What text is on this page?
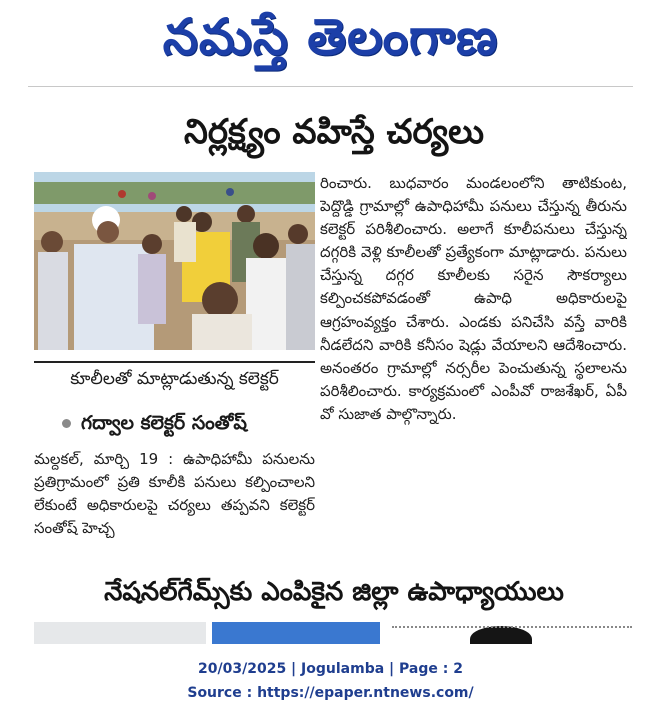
నమస్తే తెలంగాణ
నిర్లక్ష్యం వహిస్తే చర్యలు
కూలీలతో మాట్లాడుతున్న కలెక్టర్
గద్వాల కలెక్టర్ సంతోష్

మల్దకల్, మార్చి 19 : ఉపాధిహామీ పనులను ప్రతిగ్రామంలో ప్రతి కూలీకి పనులు కల్పించాలని లేకుంటే అధికారులపై చర్యలు తప్పవని కలెక్టర్ సంతోష్ హెచ్చ

రించారు. బుధవారం మండలంలోని తాటికుంట, పెద్దొడ్డి గ్రామాల్లో ఉపాధిహామీ పనులు చేస్తున్న తీరును కలెక్టర్ పరిశీలించారు. అలాగే కూలీపనులు చేస్తున్న దగ్గరికి వెళ్లి కూలీలతో ప్రత్యేకంగా మాట్లాడారు. పనులు చేస్తున్న దగ్గర కూలీలకు సరైన సౌకర్యాలు కల్పించకపోవడంతో ఉపాధి అధికారులపై ఆగ్రహంవ్యక్తం చేశారు. ఎండకు పనిచేసి వస్తే వారికి నీడలేదని వారికి కనీసం షెడ్లు వేయాలని ఆదేశించారు. అనంతరం గ్రామాల్లో నర్సరీల పెంచుతున్న స్థలాలను పరిశీలించారు. కార్యక్రమంలో ఎంపీవో రాజశేఖర్, ఏపీ వో సుజాత పాల్గొన్నారు.

నేషనల్‌గేమ్స్‌కు ఎంపికైన జిల్లా ఉపాధ్యాయులు
20/03/2025 | Jogulamba | Page : 2
Source : https://epaper.ntnews.com/
